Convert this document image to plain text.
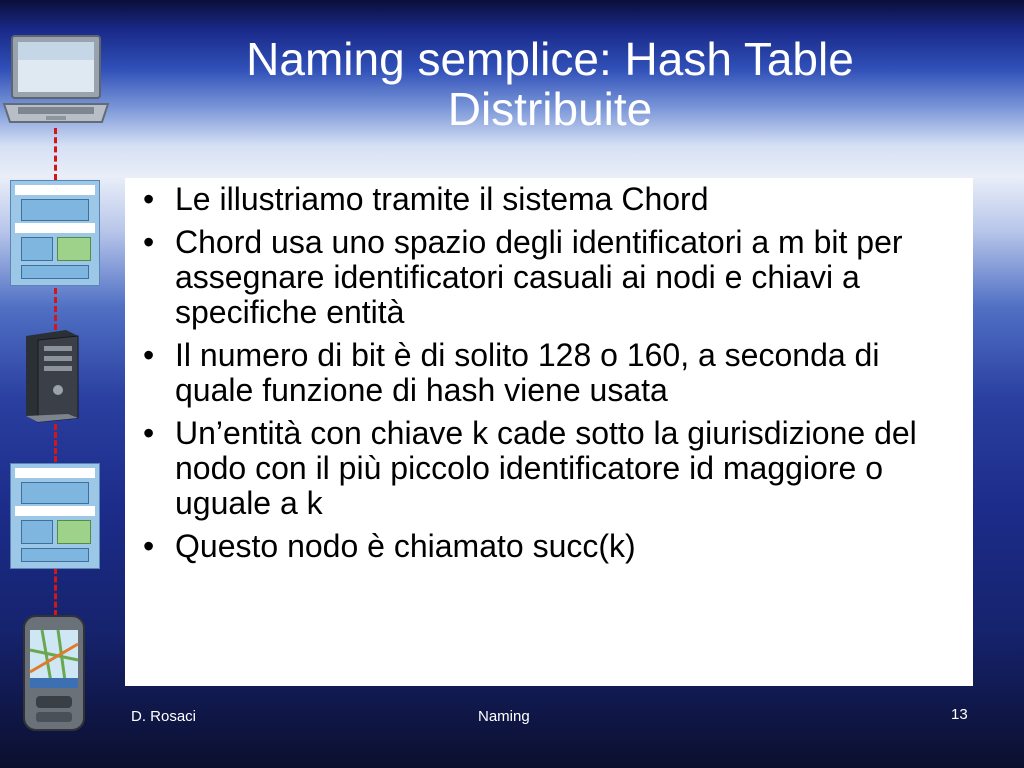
Naming semplice: Hash Table Distribuite
• Le illustriamo tramite il sistema Chord
• Chord usa uno spazio degli identificatori a m bit per assegnare identificatori casuali ai nodi e chiavi a specifiche entità
• Il numero di bit è di solito 128 o 160, a seconda di quale funzione di hash viene usata
• Un’entità con chiave k cade sotto la giurisdizione del nodo con il più piccolo identificatore id maggiore o uguale a k
• Questo nodo è chiamato succ(k)
D. Rosaci	Naming	13
